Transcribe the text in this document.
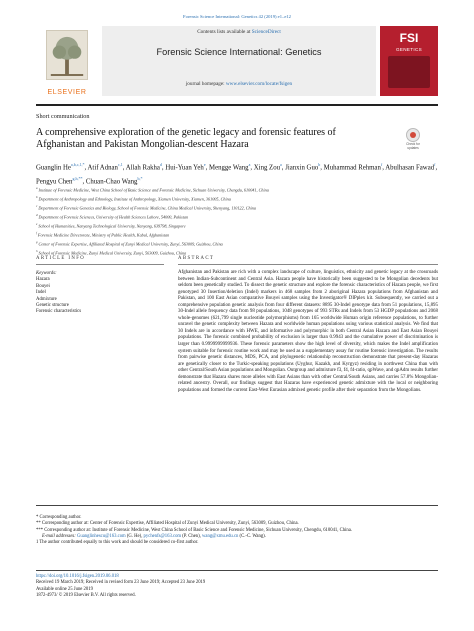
Forensic Science International: Genetics 42 (2019) e1–e12
ELSEVIER
Contents lists available at ScienceDirect
Forensic Science International: Genetics
journal homepage: www.elsevier.com/locate/fsigen
FSI
GENETICS
Short communication
A comprehensive exploration of the genetic legacy and forensic features of Afghanistan and Pakistan Mongolian-descent Hazara	Check for updates
Guanglin $He^{a,b,c,1,*}$, Atif Adnan$^{c,1}$, Allah Rakha$^d$, Hui-Yuan Yeh$^e$, Mengge Wang$^a$, Xing Zou$^a$, Jianxin Guo$^b$, Muhammad Rehman$^f$, Abulhasan Fawad$^f$, Pengyu Chen$^{g,h,**}$, Chuan-Chao Wang$^{b,*}$
$^a$ Institute of Forensic Medicine, West China School of Basic Science and Forensic Medicine, Sichuan University, Chengdu, 610041, China
$^b$ Department of Anthropology and Ethnology, Institute of Anthropology, Xiamen University, Xiamen, 361005, China
$^c$ Department of Forensic Genetics and Biology, School of Forensic Medicine, China Medical University, Shenyang, 110122, China
$^d$ Department of Forensic Sciences, University of Health Sciences Lahore, 54000, Pakistan
$^e$ School of Humanities, Nanyang Technological University, Nanyang, 639798, Singapore
$^f$ Forensic Medicine Directorate, Ministry of Public Health, Kabul, Afghanistan
$^g$ Center of Forensic Expertise, Affiliated Hospital of Zunyi Medical University, Zunyi, 563009, Guizhou, China
$^h$ School of Forensic Medicine, Zunyi Medical University, Zunyi, 563009, Guizhou, China
ARTICLE INFO	ABSTRACT
Keywords:
Hazara
Bouyei
Indel
Admixture
Genetic structure
Forensic characteristics
Afghanistan and Pakistan are rich with a complex landscape of culture, linguistics, ethnicity and genetic legacy at the crossroads between Indian-Subcontinent and Central Asia. Hazara people have historically been suggested to be Mongolian decedents but seldom been genetically studied. To dissect the genetic structure and explore the forensic characteristics of Hazara people, we first genotyped 30 Insertion/deletion (Indel) markers in 468 samples from 2 aboriginal Hazara populations from Afghanistan and Pakistan, and 100 East Asian comparative Bouyei samples using the Investigator® DIPplex kit. Subsequently, we carried out a comprehensive population genetic analysis from four different datasets: 8895 30-Indel genotype data from 51 populations, 15,895 30-Indel allele frequency data from 98 populations, 1048 genotypes of 993 STRs and Indels from 53 HGDP populations and 2068 whole-genomes (621,799 single nucleotide polymorphisms) from 165 worldwide Human origin reference populations, to further unravel the genetic complexity between Hazara and worldwide human populations using various statistical analysis. We find that 30 Indels are in accordance with HWE, and informative and polymorphic in both Central Asian Hazara and East Asian Bouyei populations. The forensic combined probability of exclusion is larger than 0.9943 and the cumulative power of discrimination is larger than 0.9999999999936. These forensic parameters show the high level of diversity, which makes the Indel amplification system suitable for forensic routine work and may be used as a supplementary assay for routine forensic investigation. The results from pairwise genetic distances, MDS, PCA, and phylogenetic relationship reconstruction demonstrate that present-day Hazaras are genetically closer to the Turkic-speaking populations (Uyghur, Kazakh, and Kyrgyz) residing in northwest China than with other Central/South Asian populations and Mongolian. Outgroup and admixture f3, f4, f4-ratio, qpWave, and qpAdm results further demonstrate that Hazara shares more alleles with East Asians than with other Central/South Asians, and carries 57.8% Mongolian-related ancestry. Overall, our findings suggest that Hazaras have experienced genetic admixture with the local or neighboring populations and formed the current East-West Eurasian admixed genetic profile after their separation from the Mongolians.
* Corresponding author.
** Corresponding author at: Center of Forensic Expertise, Affiliated Hospital of Zunyi Medical University, Zunyi, 563009, Guizhou, China.
*** Corresponding author at: Institute of Forensic Medicine, West China School of Basic Science and Forensic Medicine, Sichuan University, Chengdu, 610041, China.
E-mail addresses: Guanglinhescu@163.com (G. He), pychenfs@163.com (P. Chen), wang@xmu.edu.cn (C.-C. Wang).
1 The author contributed equally to this work and should be considered co-first author.
https://doi.org/10.1016/j.fsigen.2019.06.018
Received 19 March 2019; Received in revised form 23 June 2019; Accepted 23 June 2019
Available online 25 June 2019
1872-4973/ © 2019 Elsevier B.V. All rights reserved.
